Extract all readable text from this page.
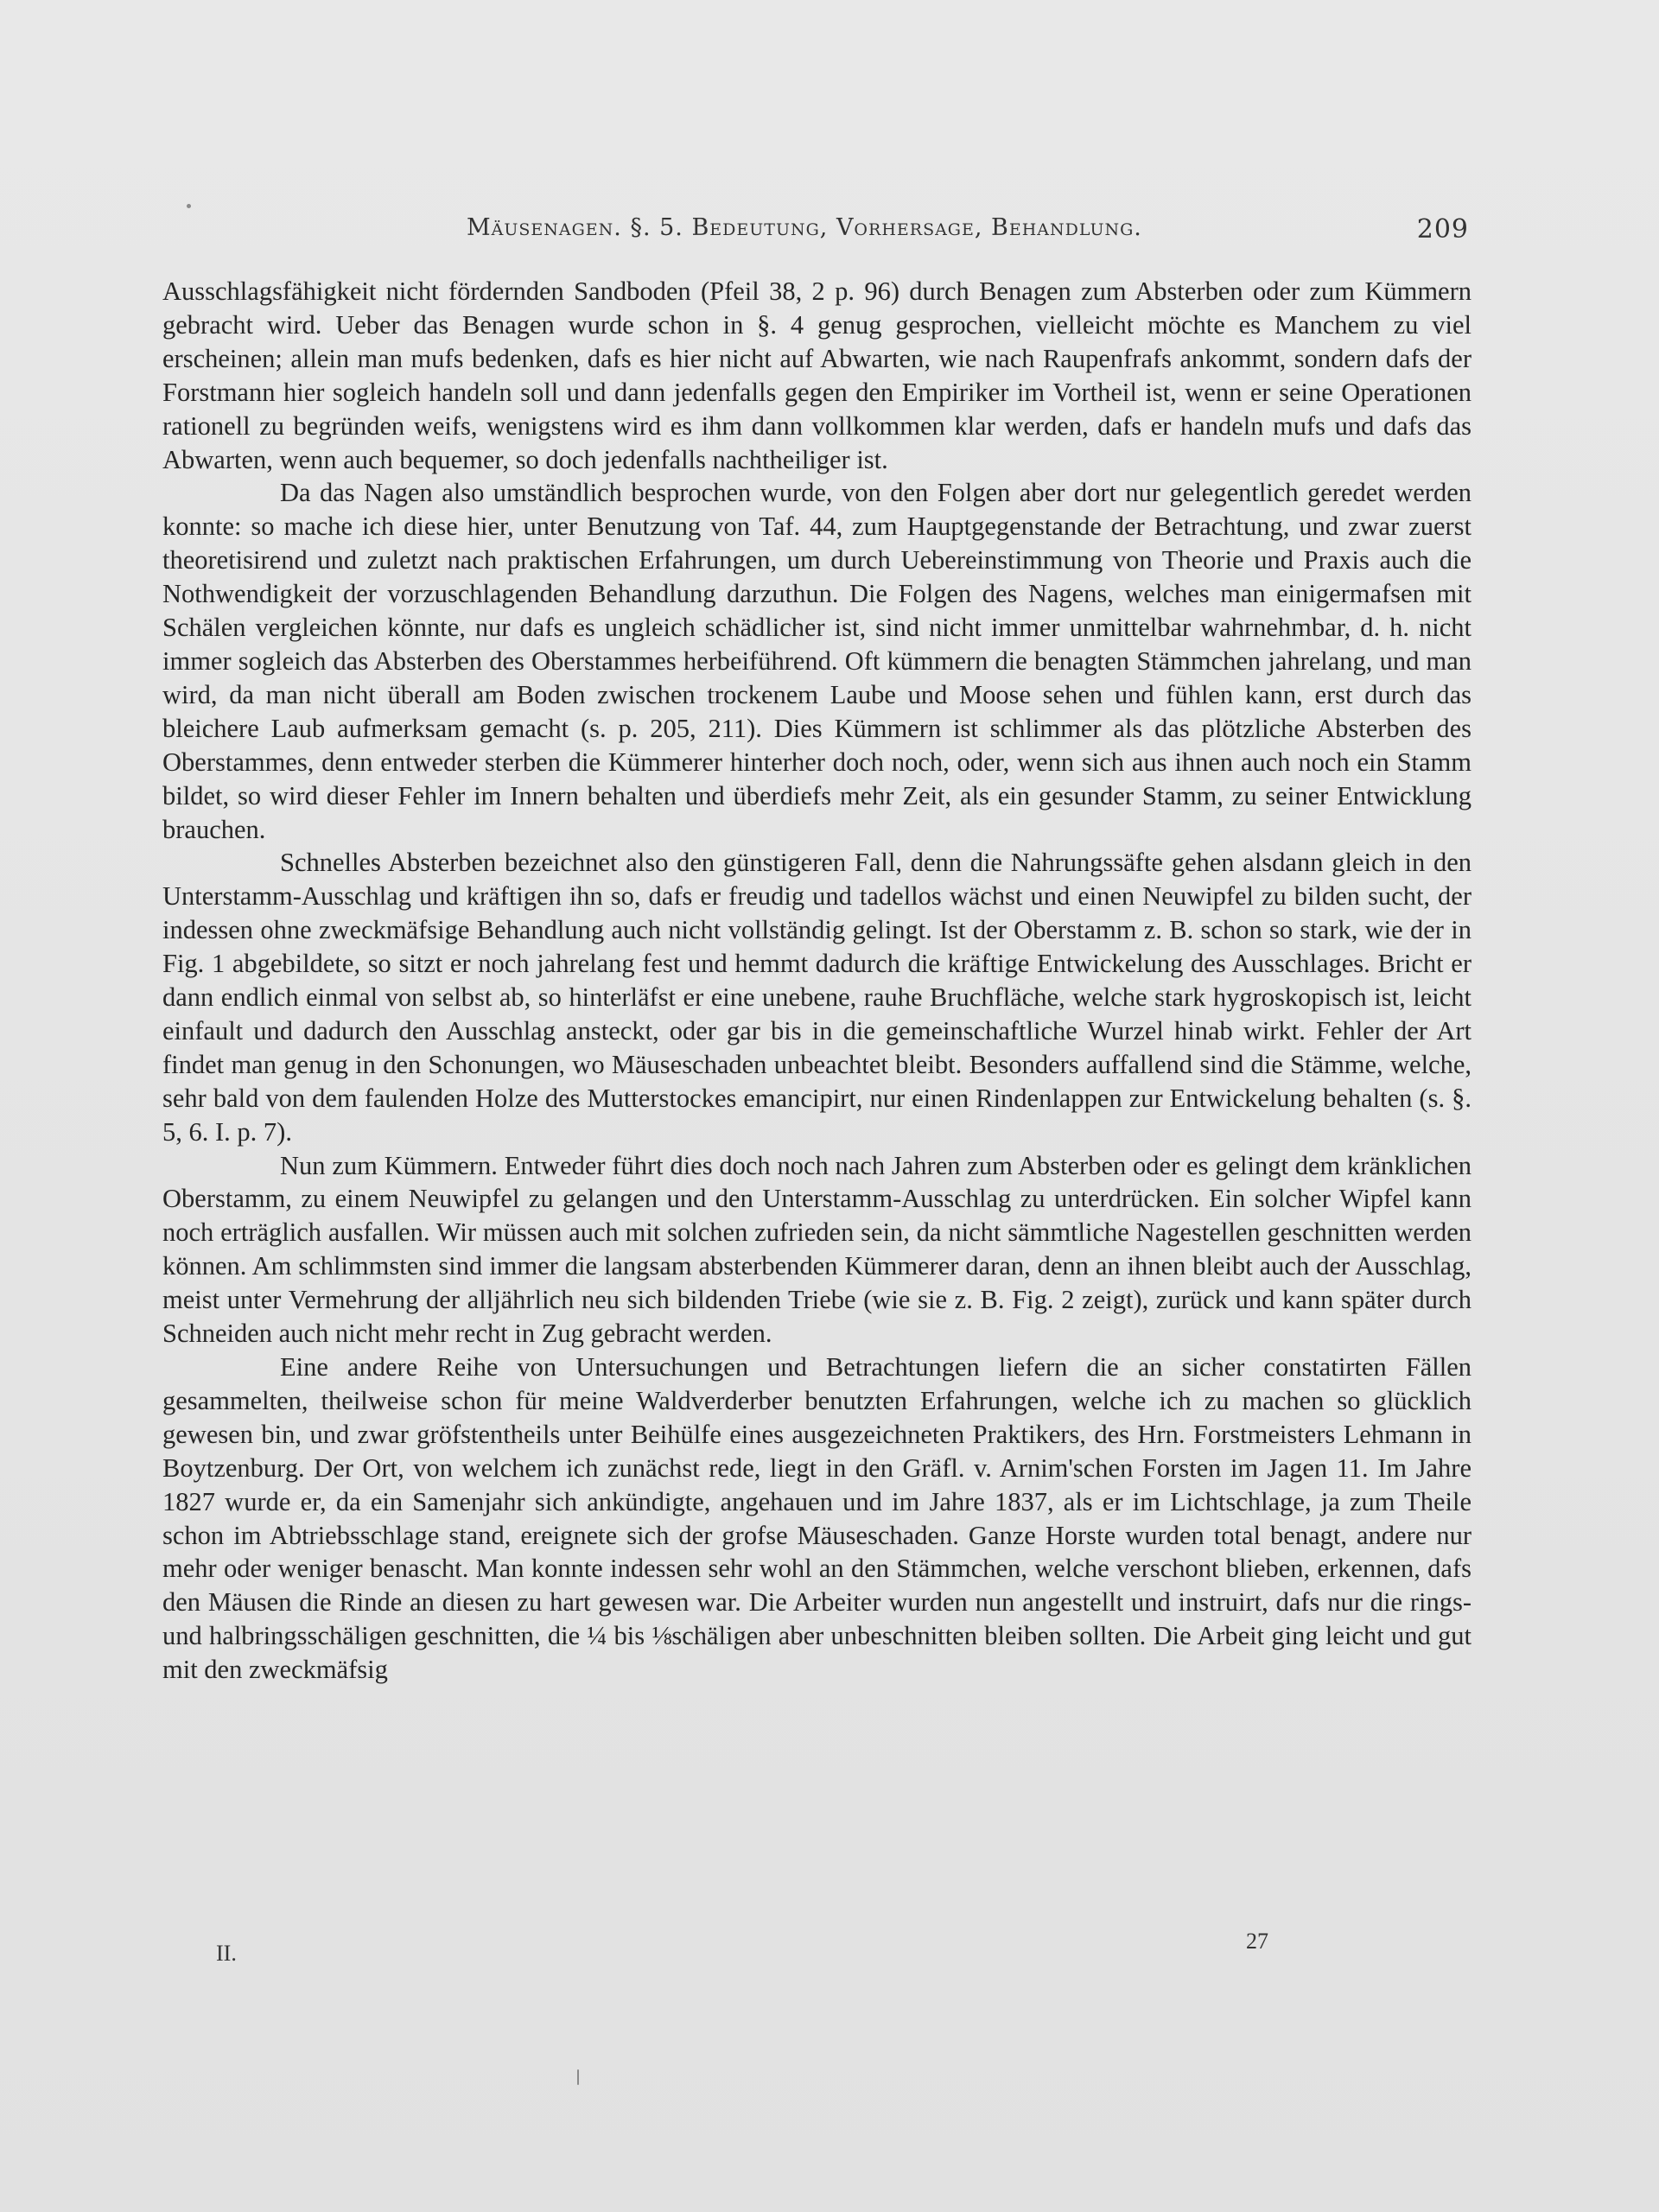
Mäusenagen. §. 5. Bedeutung, Vorhersage, Behandlung.	209

Ausschlagsfähigkeit nicht fördernden Sandboden (Pfeil 38, 2 p. 96) durch Benagen zum Absterben oder zum Kümmern gebracht wird. Ueber das Benagen wurde schon in §. 4 genug gesprochen, vielleicht möchte es Manchem zu viel erscheinen; allein man mufs bedenken, dafs es hier nicht auf Abwarten, wie nach Raupenfrafs ankommt, sondern dafs der Forstmann hier sogleich handeln soll und dann jedenfalls gegen den Empiriker im Vortheil ist, wenn er seine Operationen rationell zu begründen weifs, wenigstens wird es ihm dann vollkommen klar werden, dafs er handeln mufs und dafs das Abwarten, wenn auch bequemer, so doch jedenfalls nachtheiliger ist.

Da das Nagen also umständlich besprochen wurde, von den Folgen aber dort nur gelegentlich geredet werden konnte: so mache ich diese hier, unter Benutzung von Taf. 44, zum Hauptgegenstande der Betrachtung, und zwar zuerst theoretisirend und zuletzt nach praktischen Erfahrungen, um durch Uebereinstimmung von Theorie und Praxis auch die Nothwendigkeit der vorzuschlagenden Behandlung darzuthun. Die Folgen des Nagens, welches man einigermafsen mit Schälen vergleichen könnte, nur dafs es ungleich schädlicher ist, sind nicht immer unmittelbar wahrnehmbar, d. h. nicht immer sogleich das Absterben des Oberstammes herbeiführend. Oft kümmern die benagten Stämmchen jahrelang, und man wird, da man nicht überall am Boden zwischen trockenem Laube und Moose sehen und fühlen kann, erst durch das bleichere Laub aufmerksam gemacht (s. p. 205, 211). Dies Kümmern ist schlimmer als das plötzliche Absterben des Oberstammes, denn entweder sterben die Kümmerer hinterher doch noch, oder, wenn sich aus ihnen auch noch ein Stamm bildet, so wird dieser Fehler im Innern behalten und überdiefs mehr Zeit, als ein gesunder Stamm, zu seiner Entwicklung brauchen.

Schnelles Absterben bezeichnet also den günstigeren Fall, denn die Nahrungssäfte gehen alsdann gleich in den Unterstamm-Ausschlag und kräftigen ihn so, dafs er freudig und tadellos wächst und einen Neuwipfel zu bilden sucht, der indessen ohne zweckmäfsige Behandlung auch nicht vollständig gelingt. Ist der Oberstamm z. B. schon so stark, wie der in Fig. 1 abgebildete, so sitzt er noch jahrelang fest und hemmt dadurch die kräftige Entwickelung des Ausschlages. Bricht er dann endlich einmal von selbst ab, so hinterläfst er eine unebene, rauhe Bruchfläche, welche stark hygroskopisch ist, leicht einfault und dadurch den Ausschlag ansteckt, oder gar bis in die gemeinschaftliche Wurzel hinab wirkt. Fehler der Art findet man genug in den Schonungen, wo Mäuseschaden unbeachtet bleibt. Besonders auffallend sind die Stämme, welche, sehr bald von dem faulenden Holze des Mutterstockes emancipirt, nur einen Rindenlappen zur Entwickelung behalten (s. §. 5, 6. I. p. 7).

Nun zum Kümmern. Entweder führt dies doch noch nach Jahren zum Absterben oder es gelingt dem kränklichen Oberstamm, zu einem Neuwipfel zu gelangen und den Unterstamm-Ausschlag zu unterdrücken. Ein solcher Wipfel kann noch erträglich ausfallen. Wir müssen auch mit solchen zufrieden sein, da nicht sämmtliche Nagestellen geschnitten werden können. Am schlimmsten sind immer die langsam absterbenden Kümmerer daran, denn an ihnen bleibt auch der Ausschlag, meist unter Vermehrung der alljährlich neu sich bildenden Triebe (wie sie z. B. Fig. 2 zeigt), zurück und kann später durch Schneiden auch nicht mehr recht in Zug gebracht werden.

Eine andere Reihe von Untersuchungen und Betrachtungen liefern die an sicher constatirten Fällen gesammelten, theilweise schon für meine Waldverderber benutzten Erfahrungen, welche ich zu machen so glücklich gewesen bin, und zwar gröfstentheils unter Beihülfe eines ausgezeichneten Praktikers, des Hrn. Forstmeisters Lehmann in Boytzenburg. Der Ort, von welchem ich zunächst rede, liegt in den Gräfl. v. Arnim'schen Forsten im Jagen 11. Im Jahre 1827 wurde er, da ein Samenjahr sich ankündigte, angehauen und im Jahre 1837, als er im Lichtschlage, ja zum Theile schon im Abtriebsschlage stand, ereignete sich der grofse Mäuseschaden. Ganze Horste wurden total benagt, andere nur mehr oder weniger benascht. Man konnte indessen sehr wohl an den Stämmchen, welche verschont blieben, erkennen, dafs den Mäusen die Rinde an diesen zu hart gewesen war. Die Arbeiter wurden nun angestellt und instruirt, dafs nur die rings- und halbringsschäligen geschnitten, die ¼ bis ⅛schäligen aber unbeschnitten bleiben sollten. Die Arbeit ging leicht und gut mit den zweckmäfsig

II.	27
